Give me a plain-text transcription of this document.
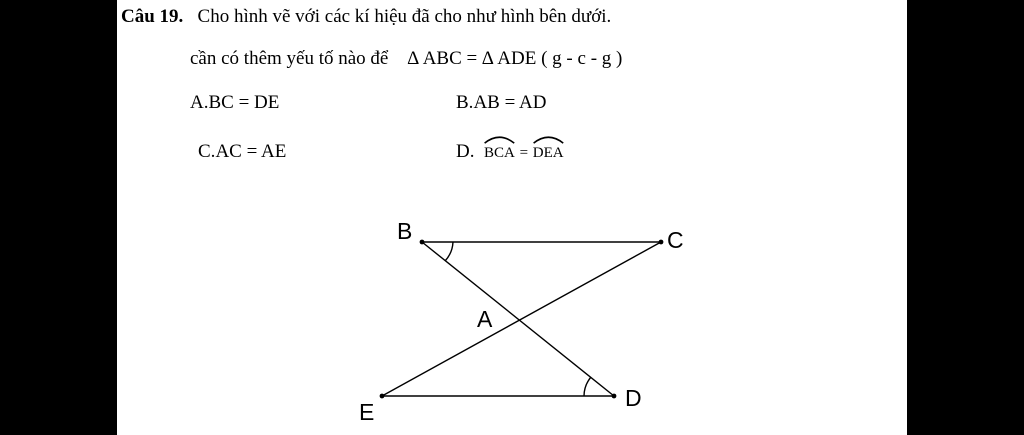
Câu 19. Cho hình vẽ với các kí hiệu đã cho như hình bên dưới.
cần có thêm yếu tố nào để ∆ ABC = ∆ ADE ( g - c - g )
A.BC = DE	B.AB = AD
C.AC = AE	D. BCA = DEA
B	C
A
D
E
